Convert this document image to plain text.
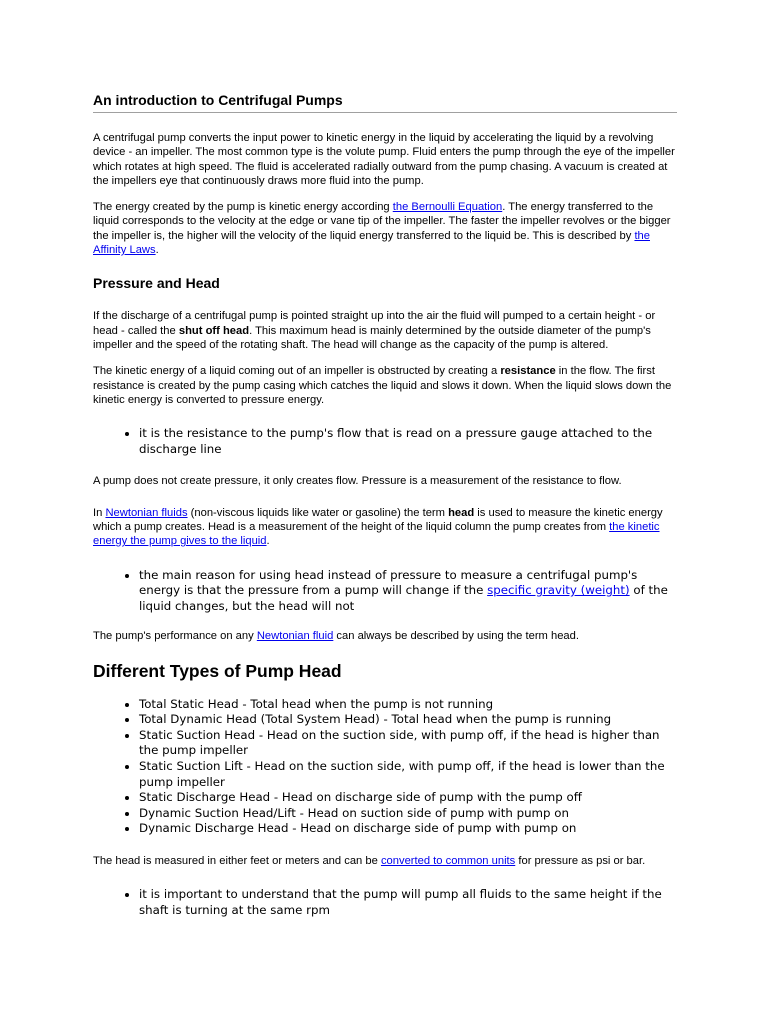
An introduction to Centrifugal Pumps

A centrifugal pump converts the input power to kinetic energy in the liquid by accelerating the liquid by a revolving device - an impeller. The most common type is the volute pump. Fluid enters the pump through the eye of the impeller which rotates at high speed. The fluid is accelerated radially outward from the pump chasing. A vacuum is created at the impellers eye that continuously draws more fluid into the pump.

The energy created by the pump is kinetic energy according the Bernoulli Equation. The energy transferred to the liquid corresponds to the velocity at the edge or vane tip of the impeller. The faster the impeller revolves or the bigger the impeller is, the higher will the velocity of the liquid energy transferred to the liquid be. This is described by the Affinity Laws.

Pressure and Head

If the discharge of a centrifugal pump is pointed straight up into the air the fluid will pumped to a certain height - or head - called the shut off head. This maximum head is mainly determined by the outside diameter of the pump's impeller and the speed of the rotating shaft. The head will change as the capacity of the pump is altered.

The kinetic energy of a liquid coming out of an impeller is obstructed by creating a resistance in the flow. The first resistance is created by the pump casing which catches the liquid and slows it down. When the liquid slows down the kinetic energy is converted to pressure energy.

• it is the resistance to the pump's flow that is read on a pressure gauge attached to the discharge line

A pump does not create pressure, it only creates flow. Pressure is a measurement of the resistance to flow.

In Newtonian fluids (non-viscous liquids like water or gasoline) the term head is used to measure the kinetic energy which a pump creates. Head is a measurement of the height of the liquid column the pump creates from the kinetic energy the pump gives to the liquid.

• the main reason for using head instead of pressure to measure a centrifugal pump's energy is that the pressure from a pump will change if the specific gravity (weight) of the liquid changes, but the head will not

The pump's performance on any Newtonian fluid can always be described by using the term head.

Different Types of Pump Head
• Total Static Head - Total head when the pump is not running
• Total Dynamic Head (Total System Head) - Total head when the pump is running
• Static Suction Head - Head on the suction side, with pump off, if the head is higher than the pump impeller
• Static Suction Lift - Head on the suction side, with pump off, if the head is lower than the pump impeller
• Static Discharge Head - Head on discharge side of pump with the pump off
• Dynamic Suction Head/Lift - Head on suction side of pump with pump on
• Dynamic Discharge Head - Head on discharge side of pump with pump on

The head is measured in either feet or meters and can be converted to common units for pressure as psi or bar.

• it is important to understand that the pump will pump all fluids to the same height if the shaft is turning at the same rpm
